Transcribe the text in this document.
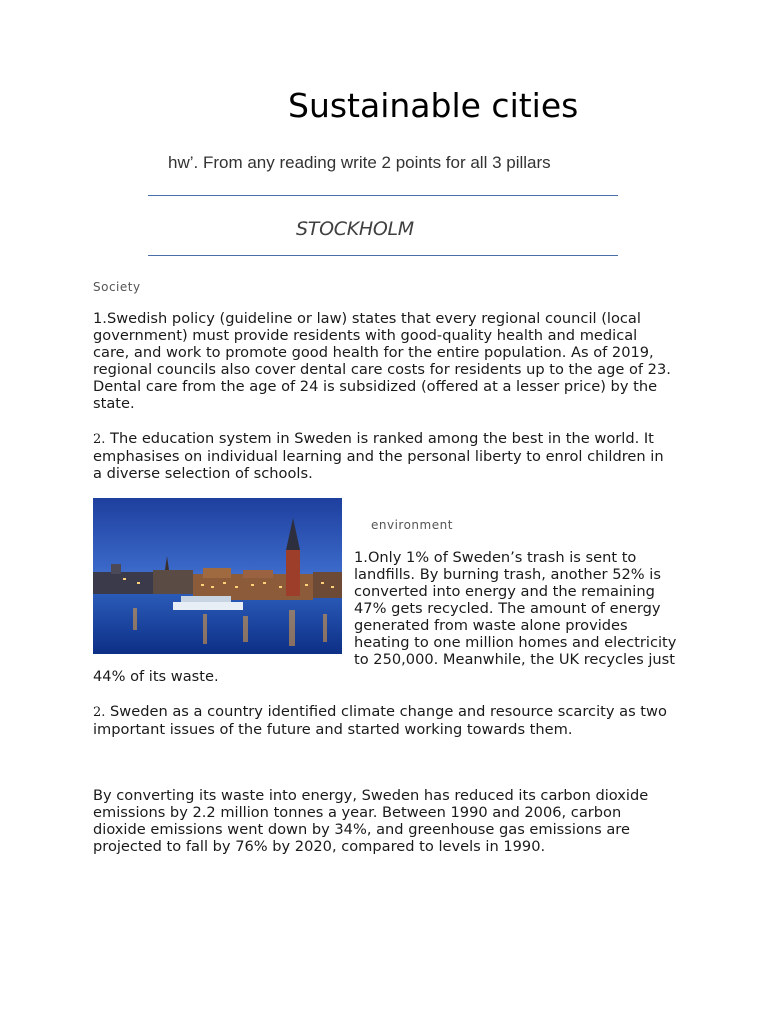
Sustainable cities
hw’. From any reading write 2 points for all 3 pillars
STOCKHOLM
Society

1.Swedish policy (guideline or law) states that every regional council (local government) must provide residents with good-quality health and medical care, and work to promote good health for the entire population. As of 2019, regional councils also cover dental care costs for residents up to the age of 23. Dental care from the age of 24 is subsidized (offered at a lesser price) by the state.

2. The education system in Sweden is ranked among the best in the world. It emphasises on individual learning and the personal liberty to enrol children in a diverse selection of schools.

environment

1.Only 1% of Sweden’s trash is sent to landfills. By burning trash, another 52% is converted into energy and the remaining 47% gets recycled. The amount of energy generated from waste alone provides heating to one million homes and electricity to 250,000. Meanwhile, the UK recycles just 44% of its waste.

2. Sweden as a country identified climate change and resource scarcity as two important issues of the future and started working towards them.

By converting its waste into energy, Sweden has reduced its carbon dioxide emissions by 2.2 million tonnes a year. Between 1990 and 2006, carbon dioxide emissions went down by 34%, and greenhouse gas emissions are projected to fall by 76% by 2020, compared to levels in 1990.
